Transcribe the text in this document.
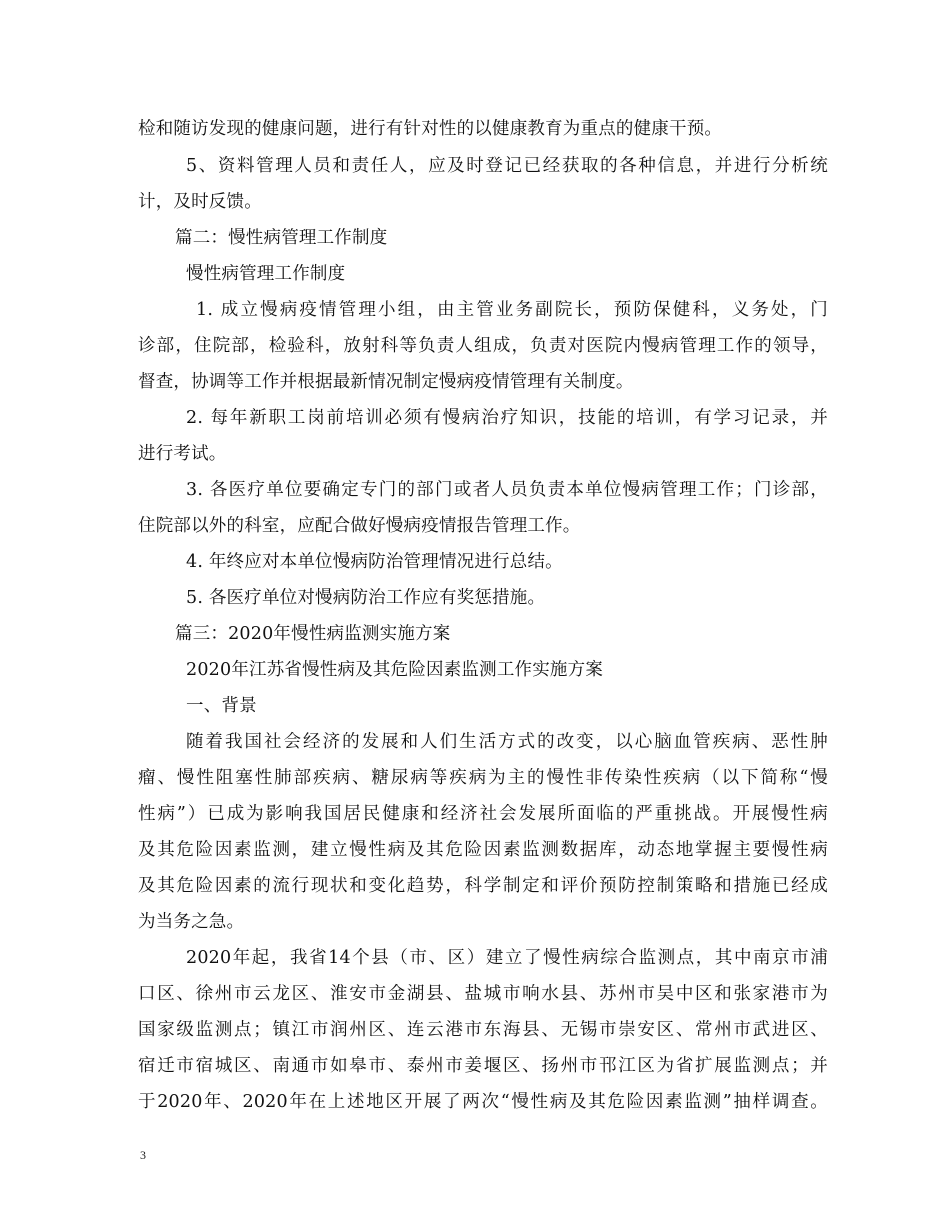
检和随访发现的健康问题，进行有针对性的以健康教育为重点的健康干预。
5、资料管理人员和责任人，应及时登记已经获取的各种信息，并进行分析统
计，及时反馈。
篇二：慢性病管理工作制度
慢性病管理工作制度
1. 成立慢病疫情管理小组，由主管业务副院长，预防保健科，义务处，门
诊部，住院部，检验科，放射科等负责人组成，负责对医院内慢病管理工作的领导，
督查，协调等工作并根据最新情况制定慢病疫情管理有关制度。
2. 每年新职工岗前培训必须有慢病治疗知识，技能的培训，有学习记录，并
进行考试。
3. 各医疗单位要确定专门的部门或者人员负责本单位慢病管理工作；门诊部，
住院部以外的科室，应配合做好慢病疫情报告管理工作。
4. 年终应对本单位慢病防治管理情况进行总结。
5. 各医疗单位对慢病防治工作应有奖惩措施。
篇三：2020年慢性病监测实施方案
2020年江苏省慢性病及其危险因素监测工作实施方案
一、背景
随着我国社会经济的发展和人们生活方式的改变，以心脑血管疾病、恶性肿
瘤、慢性阻塞性肺部疾病、糖尿病等疾病为主的慢性非传染性疾病（以下简称“慢
性病”）已成为影响我国居民健康和经济社会发展所面临的严重挑战。开展慢性病
及其危险因素监测，建立慢性病及其危险因素监测数据库，动态地掌握主要慢性病
及其危险因素的流行现状和变化趋势，科学制定和评价预防控制策略和措施已经成
为当务之急。
2020年起，我省14个县（市、区）建立了慢性病综合监测点，其中南京市浦
口区、徐州市云龙区、淮安市金湖县、盐城市响水县、苏州市吴中区和张家港市为
国家级监测点；镇江市润州区、连云港市东海县、无锡市崇安区、常州市武进区、
宿迁市宿城区、南通市如皋市、泰州市姜堰区、扬州市邗江区为省扩展监测点；并
于2020年、2020年在上述地区开展了两次“慢性病及其危险因素监测”抽样调查。
3
